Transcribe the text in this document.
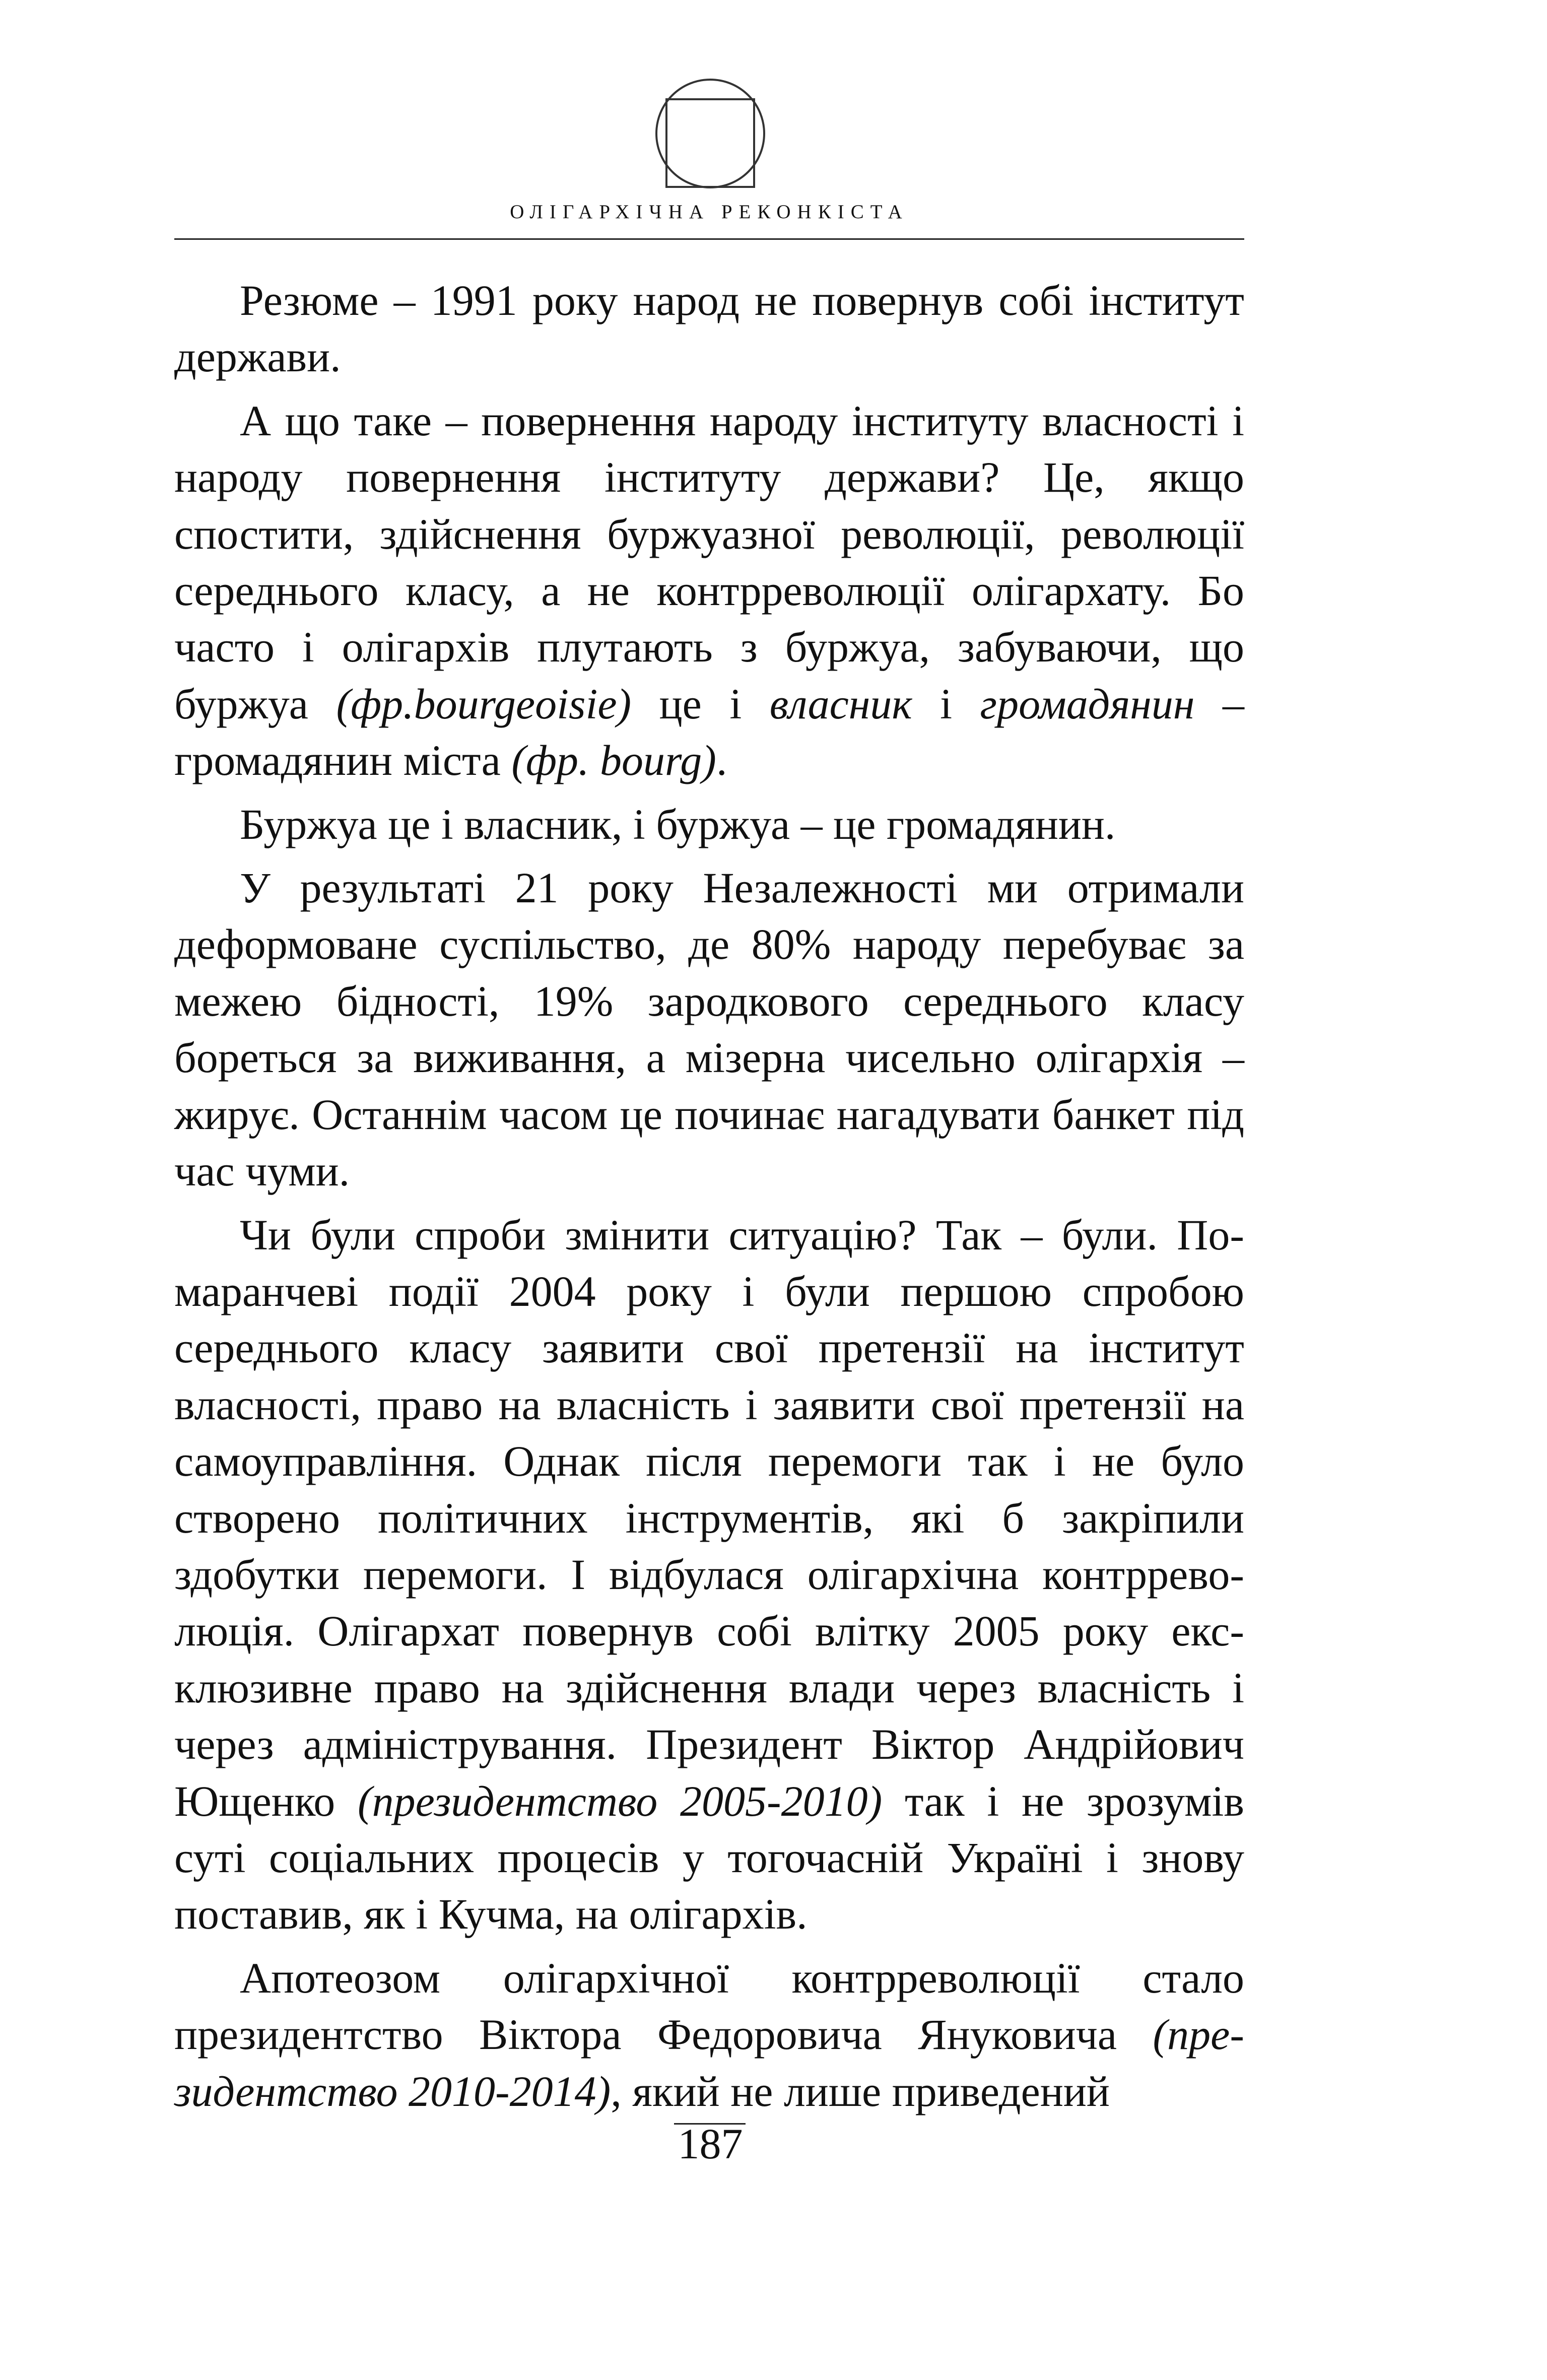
ОЛІГАРХІЧНА РЕКОНКІСТА

Резюме – 1991 року народ не повернув собі інститут держави.

А що таке – повернення народу інституту власності і народу повернення інституту держави? Це, якщо спостити, здійснення буржуазної революції, революції середнього класу, а не контрреволюції олігархату. Бо часто і олігархів плутають з буржуа, забуваючи, що буржуа (фр.bourgeoisie) це і власник і громадянин – громадянин міста (фр. bourg).

Буржуа це і власник, і буржуа – це громадянин.

У результаті 21 року Незалежності ми отримали деформоване суспільство, де 80% народу перебуває за межею бідності, 19% зародкового середнього класу бореться за виживання, а мізерна чисельно олігархія – жирує. Останнім часом це починає нагадувати банкет під час чуми.

Чи були спроби змінити ситуацію? Так – були. Помаранчеві події 2004 року і були першою спробою середнього класу заявити свої претензії на інститут власності, право на власність і заявити свої претензії на самоуправління. Однак після перемоги так і не було створено політичних інструментів, які б закріпили здобутки перемоги. І відбулася олігархічна контрреволюція. Олігархат повернув собі влітку 2005 року ексклюзивне право на здійснення влади через власність і через адміністрування. Президент Віктор Андрійович Ющенко (президентство 2005-2010) так і не зрозумів суті соціальних процесів у тогочасній Україні і знову поставив, як і Кучма, на олігархів.

Апотеозом олігархічної контрреволюції стало президентство Віктора Федоровича Януковича (президентство 2010-2014), який не лише приведений

187
